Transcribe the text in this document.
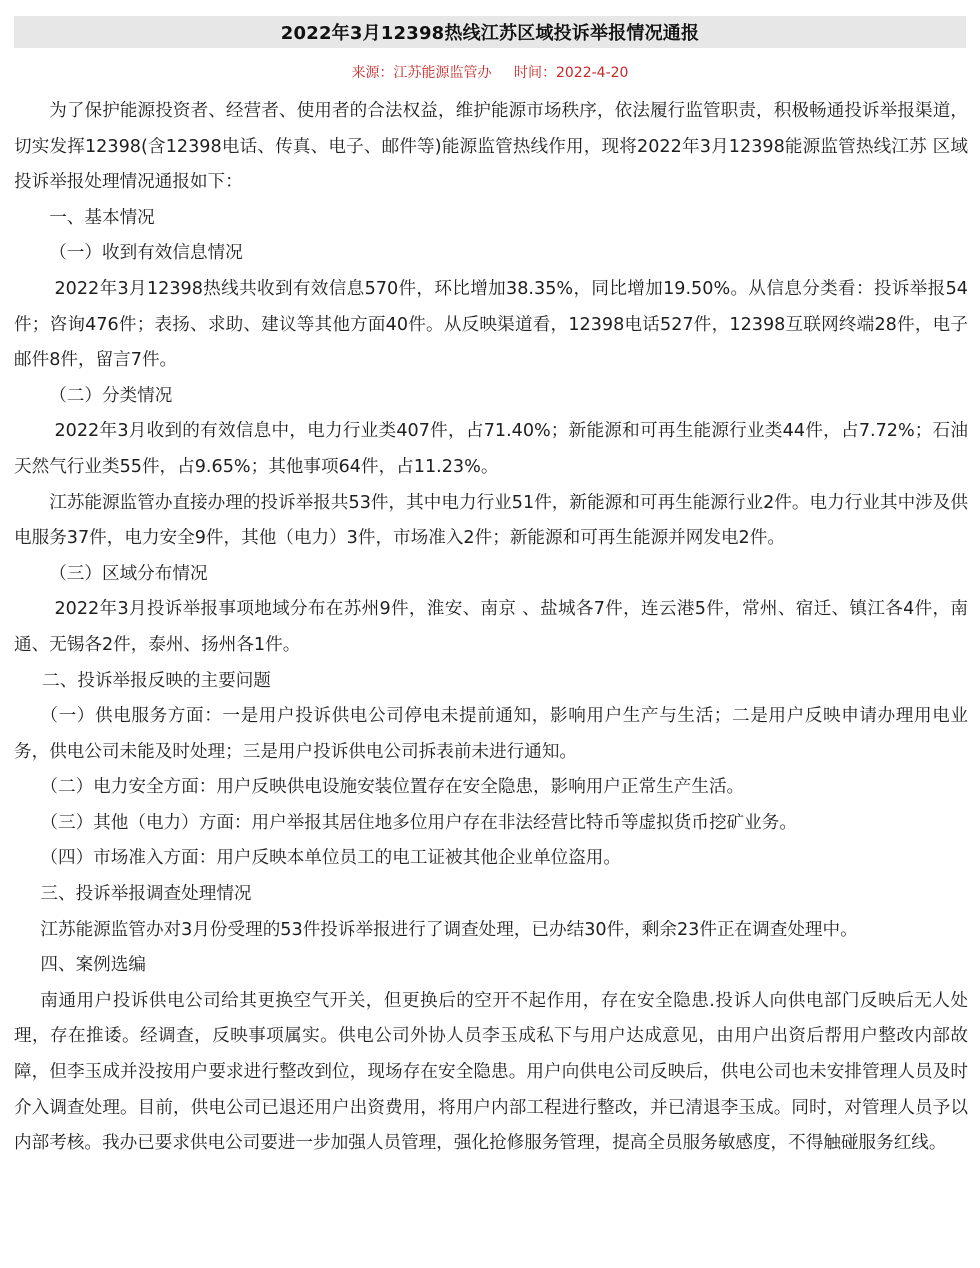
2022年3月12398热线江苏区域投诉举报情况通报
来源：江苏能源监管办 时间：2022-4-20

为了保护能源投资者、经营者、使用者的合法权益，维护能源市场秩序，依法履行监管职责，积极畅通投诉举报渠道，切实发挥12398(含12398电话、传真、电子、邮件等)能源监管热线作用，现将2022年3月12398能源监管热线江苏 区域投诉举报处理情况通报如下：

一、基本情况

（一）收到有效信息情况

2022年3月12398热线共收到有效信息570件，环比增加38.35%，同比增加19.50%。从信息分类看：投诉举报54件；咨询476件；表扬、求助、建议等其他方面40件。从反映渠道看，12398电话527件，12398互联网终端28件，电子邮件8件，留言7件。

（二）分类情况

2022年3月收到的有效信息中，电力行业类407件，占71.40%；新能源和可再生能源行业类44件，占7.72%；石油天然气行业类55件，占9.65%；其他事项64件，占11.23%。

江苏能源监管办直接办理的投诉举报共53件，其中电力行业51件，新能源和可再生能源行业2件。电力行业其中涉及供电服务37件，电力安全9件，其他（电力）3件，市场准入2件；新能源和可再生能源并网发电2件。

（三）区域分布情况

2022年3月投诉举报事项地域分布在苏州9件，淮安、南京 、盐城各7件，连云港5件，常州、宿迁、镇江各4件，南通、无锡各2件，泰州、扬州各1件。

二、投诉举报反映的主要问题

（一）供电服务方面：一是用户投诉供电公司停电未提前通知，影响用户生产与生活；二是用户反映申请办理用电业务，供电公司未能及时处理；三是用户投诉供电公司拆表前未进行通知。

（二）电力安全方面：用户反映供电设施安装位置存在安全隐患，影响用户正常生产生活。

（三）其他（电力）方面：用户举报其居住地多位用户存在非法经营比特币等虚拟货币挖矿业务。

（四）市场准入方面：用户反映本单位员工的电工证被其他企业单位盗用。

三、投诉举报调查处理情况

江苏能源监管办对3月份受理的53件投诉举报进行了调查处理，已办结30件，剩余23件正在调查处理中。

四、案例选编

南通用户投诉供电公司给其更换空气开关，但更换后的空开不起作用，存在安全隐患.投诉人向供电部门反映后无人处理，存在推诿。经调查，反映事项属实。供电公司外协人员李玉成私下与用户达成意见，由用户出资后帮用户整改内部故障，但李玉成并没按用户要求进行整改到位，现场存在安全隐患。用户向供电公司反映后，供电公司也未安排管理人员及时介入调查处理。目前，供电公司已退还用户出资费用，将用户内部工程进行整改，并已清退李玉成。同时，对管理人员予以内部考核。我办已要求供电公司要进一步加强人员管理，强化抢修服务管理，提高全员服务敏感度，不得触碰服务红线。
